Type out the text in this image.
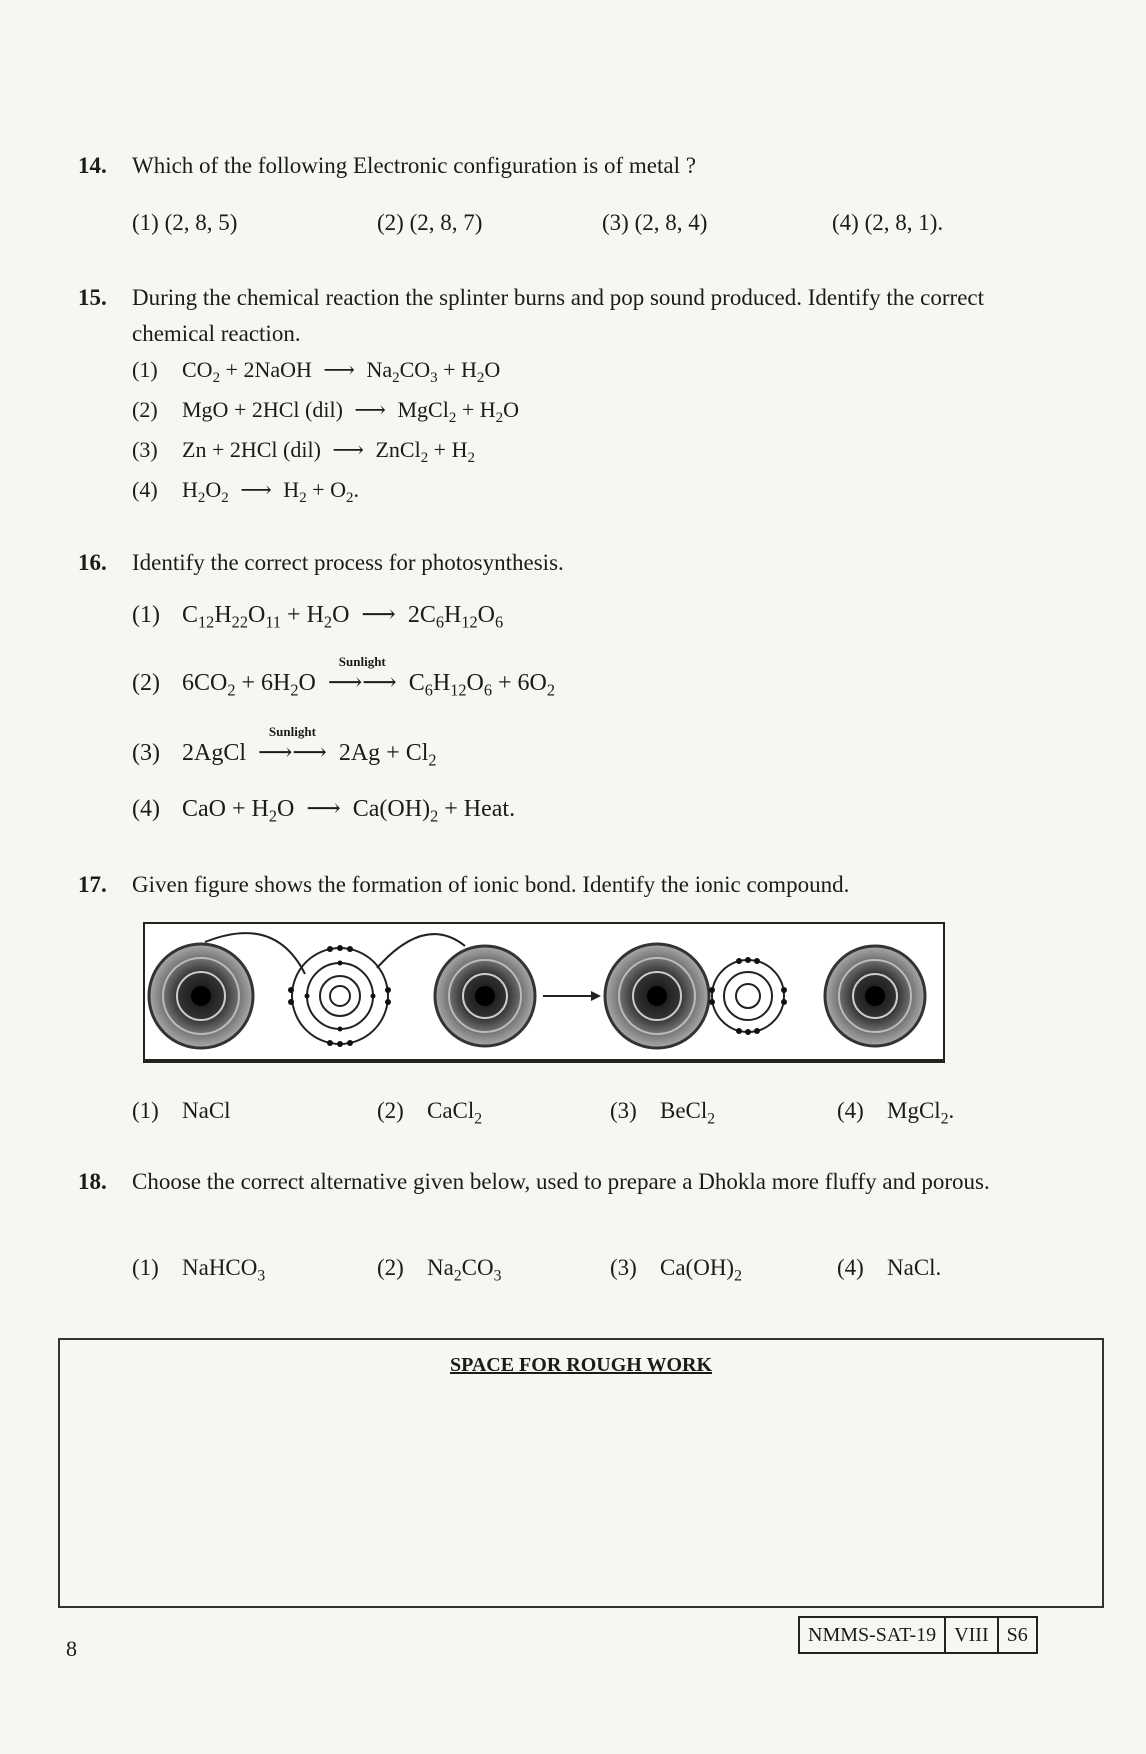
14. Which of the following Electronic configuration is of metal ?
(1) (2, 8, 5)	(2) (2, 8, 7)	(3) (2, 8, 4)	(4) (2, 8, 1).
15. During the chemical reaction the splinter burns and pop sound produced. Identify the correct chemical reaction.
(1) $CO_2$ + 2NaOH ⟶ $Na_2CO_3 + H_2O$
(2) MgO + 2HCl (dil) ⟶ MgCl$_2$ + $H_2O$
(3) Zn + 2HCl (dil) ⟶ ZnCl$_2$ + $H_2$
(4) $H_2O_2$ ⟶ $H_2 + O_2$.
16. Identify the correct process for photosynthesis.
(1) $C_{12}H_{22}O_{11} + H_2O$ ⟶ $2C_6H_{12}O_6$
(2) $6CO_2 + 6H_2O$
Sunlight
⟶⟶ $C_6H_{12}O_6 + 6O_2$
(3) 2AgCl
Sunlight
⟶⟶ $2Ag + Cl_2$
(4) CaO + $H_2O$ ⟶ $Ca(OH)_2$ + Heat.
17. Given figure shows the formation of ionic bond. Identify the ionic compound.
(1) NaCl	(2) CaCl$_2$	(3) BeCl$_2$	(4) MgCl$_2$.
18. Choose the correct alternative given below, used to prepare a Dhokla more fluffy and porous.
(1) NaHCO$_3$	(2) $Na_2CO_3$	(3) $Ca(OH)_2$	(4) NaCl.
SPACE FOR ROUGH WORK
8
NMMS-SAT-19 VIII S6
